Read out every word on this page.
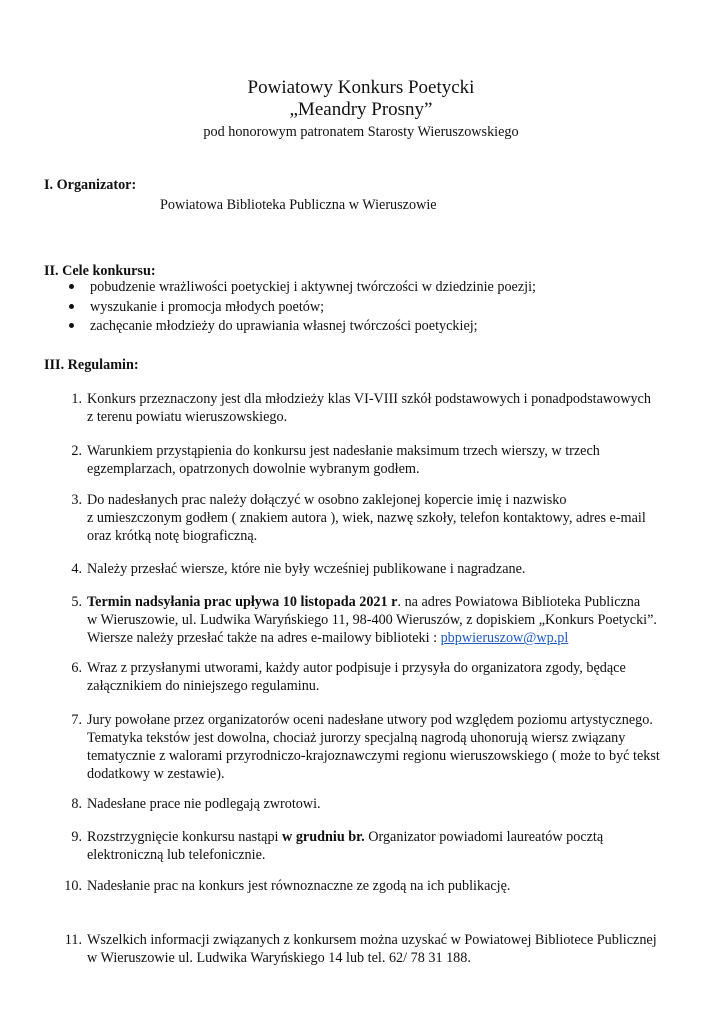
Powiatowy Konkurs Poetycki
„Meandry Prosny”
pod honorowym patronatem Starosty Wieruszowskiego
I. Organizator:
Powiatowa Biblioteka Publiczna w Wieruszowie
II. Cele konkursu:
pobudzenie wrażliwości poetyckiej i aktywnej twórczości w dziedzinie poezji;
wyszukanie i promocja młodych poetów;
zachęcanie młodzieży do uprawiania własnej twórczości poetyckiej;
III. Regulamin:
1. Konkurs przeznaczony jest dla młodzieży klas VI-VIII szkół podstawowych i ponadpodstawowych
z terenu powiatu wieruszowskiego.
2. Warunkiem przystąpienia do konkursu jest nadesłanie maksimum trzech wierszy, w trzech
egzemplarzach, opatrzonych dowolnie wybranym godłem.
3. Do nadesłanych prac należy dołączyć w osobno zaklejonej kopercie imię i nazwisko
z umieszczonym godłem ( znakiem autora ), wiek, nazwę szkoły, telefon kontaktowy, adres e-mail
oraz krótką notę biograficzną.
4. Należy przesłać wiersze, które nie były wcześniej publikowane i nagradzane.
5. Termin nadsyłania prac upływa 10 listopada 2021 r. na adres Powiatowa Biblioteka Publiczna
w Wieruszowie, ul. Ludwika Waryńskiego 11, 98-400 Wieruszów, z dopiskiem „Konkurs Poetycki”.
Wiersze należy przesłać także na adres e-mailowy biblioteki : pbpwieruszow@wp.pl
6. Wraz z przysłanymi utworami, każdy autor podpisuje i przysyła do organizatora zgody, będące
załącznikiem do niniejszego regulaminu.
7. Jury powołane przez organizatorów oceni nadesłane utwory pod względem poziomu artystycznego.
Tematyka tekstów jest dowolna, chociaż jurorzy specjalną nagrodą uhonorują wiersz związany
tematycznie z walorami przyrodniczo-krajoznawczymi regionu wieruszowskiego ( może to być tekst
dodatkowy w zestawie).
8. Nadesłane prace nie podlegają zwrotowi.
9. Rozstrzygnięcie konkursu nastąpi w grudniu br. Organizator powiadomi laureatów pocztą
elektroniczną lub telefonicznie.
10. Nadesłanie prac na konkurs jest równoznaczne ze zgodą na ich publikację.
11. Wszelkich informacji związanych z konkursem można uzyskać w Powiatowej Bibliotece Publicznej
w Wieruszowie ul. Ludwika Waryńskiego 14 lub tel. 62/ 78 31 188.
